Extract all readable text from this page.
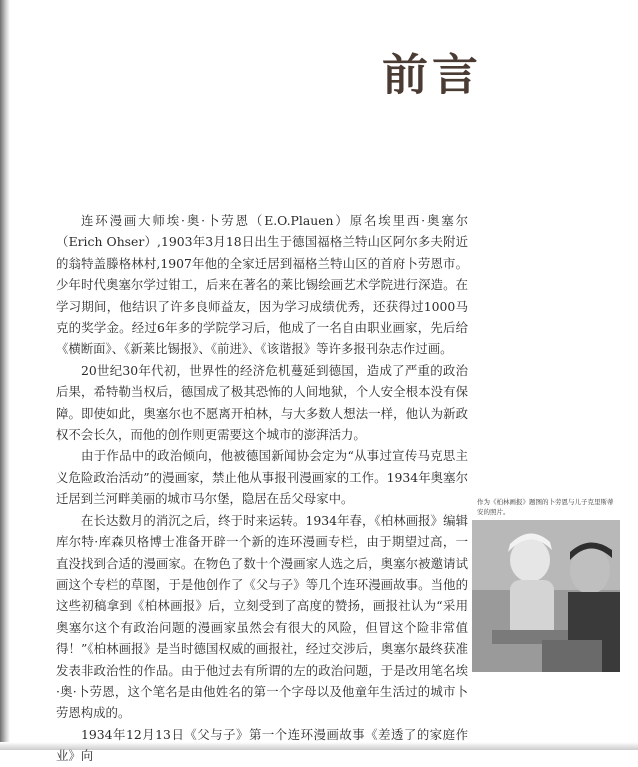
前言

连环漫画大师埃·奥·卜劳恩（E.O.Plauen）原名埃里西·奥塞尔（Erich Ohser）,1903年3月18日出生于德国福格兰特山区阿尔多夫附近的翁特盖滕格林村,1907年他的全家迁居到福格兰特山区的首府卜劳恩市。少年时代奥塞尔学过钳工，后来在著名的莱比锡绘画艺术学院进行深造。在学习期间，他结识了许多良师益友，因为学习成绩优秀，还获得过1000马克的奖学金。经过6年多的学院学习后，他成了一名自由职业画家，先后给《横断面》、《新莱比锡报》、《前进》、《该谐报》等许多报刊杂志作过画。

20世纪30年代初，世界性的经济危机蔓延到德国，造成了严重的政治后果，希特勒当权后，德国成了极其恐怖的人间地狱，个人安全根本没有保障。即使如此，奥塞尔也不愿离开柏林，与大多数人想法一样，他认为新政权不会长久，而他的创作则更需要这个城市的澎湃活力。

由于作品中的政治倾向，他被德国新闻协会定为“从事过宣传马克思主义危险政治活动”的漫画家，禁止他从事报刊漫画家的工作。1934年奥塞尔迁居到兰河畔美丽的城市马尔堡，隐居在岳父母家中。

在长达数月的消沉之后，终于时来运转。1934年春，《柏林画报》编辑库尔特·库森贝格博士准备开辟一个新的连环漫画专栏，由于期望过高，一直没找到合适的漫画家。在物色了数十个漫画家人选之后，奥塞尔被邀请试画这个专栏的草图，于是他创作了《父与子》等几个连环漫画故事。当他的这些初稿拿到《柏林画报》后，立刻受到了高度的赞扬，画报社认为“采用奥塞尔这个有政治问题的漫画家虽然会有很大的风险，但冒这个险非常值得！”《柏林画报》是当时德国权威的画报社，经过交涉后，奥塞尔最终获准发表非政治性的作品。由于他过去有所谓的左的政治问题，于是改用笔名埃·奥·卜劳恩，这个笔名是由他姓名的第一个字母以及他童年生活过的城市卜劳恩构成的。

1934年12月13日《父与子》第一个连环漫画故事《差透了的家庭作业》向

作为《柏林画报》题图的卜劳恩与儿子克里斯蒂安的照片。
